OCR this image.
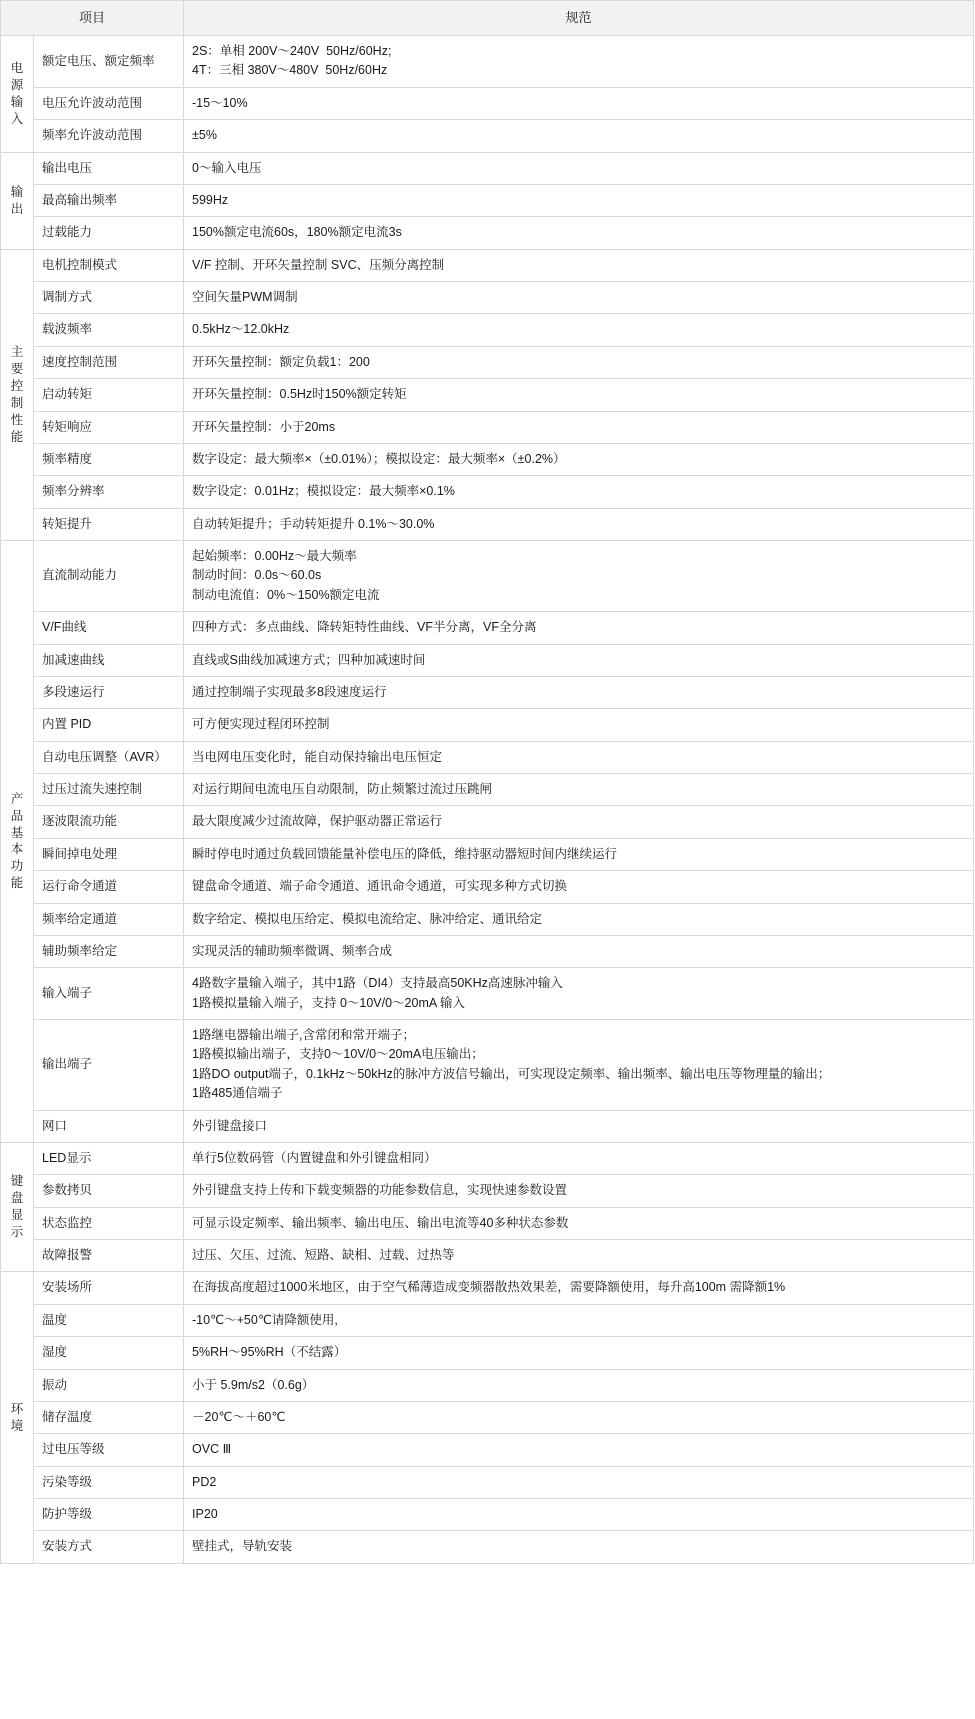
项目		规范

电源
输入	额定电压、额定频率	2S：单相 200V～240V  50Hz/60Hz;
4T：三相 380V～480V  50Hz/60Hz

	电压允许波动范围	-15～10%

	频率允许波动范围	±5%

输出	输出电压	0～输入电压

	最高输出频率	599Hz

	过载能力	150%额定电流60s，180%额定电流3s

主要
控制
性能	电机控制模式	V/F 控制、开环矢量控制 SVC、压频分离控制

	调制方式	空间矢量PWM调制

	载波频率	0.5kHz～12.0kHz

	速度控制范围	开环矢量控制：额定负载1：200

	启动转矩	开环矢量控制：0.5Hz时150%额定转矩

	转矩响应	开环矢量控制：小于20ms

	频率精度	数字设定：最大频率×（±0.01%）；模拟设定：最大频率×（±0.2%）

	频率分辨率	数字设定：0.01Hz；模拟设定：最大频率×0.1%

	转矩提升	自动转矩提升；手动转矩提升 0.1%～30.0%

产品
基本
功能	直流制动能力	起始频率：0.00Hz～最大频率
制动时间：0.0s～60.0s
制动电流值：0%～150%额定电流

	V/F曲线	四种方式：多点曲线、降转矩特性曲线、VF半分离，VF全分离

	加减速曲线	直线或S曲线加减速方式；四种加减速时间

	多段速运行	通过控制端子实现最多8段速度运行

	内置 PID	可方便实现过程闭环控制

	自动电压调整（AVR）	当电网电压变化时，能自动保持输出电压恒定

	过压过流失速控制	对运行期间电流电压自动限制，防止频繁过流过压跳闸

	逐波限流功能	最大限度减少过流故障，保护驱动器正常运行

	瞬间掉电处理	瞬时停电时通过负载回馈能量补偿电压的降低，维持驱动器短时间内继续运行

	运行命令通道	键盘命令通道、端子命令通道、通讯命令通道，可实现多种方式切换

	频率给定通道	数字给定、模拟电压给定、模拟电流给定、脉冲给定、通讯给定

	辅助频率给定	实现灵活的辅助频率微调、频率合成

	输入端子	4路数字量输入端子，其中1路（DI4）支持最高50KHz高速脉冲输入
1路模拟量输入端子，支持 0～10V/0～20mA 输入

	输出端子	1路继电器输出端子,含常闭和常开端子；
1路模拟输出端子，支持0～10V/0～20mA电压输出；
1路DO output端子，0.1kHz～50kHz的脉冲方波信号输出，可实现设定频率、输出频率、输出电压等物理量的输出；
1路485通信端子

	网口	外引键盘接口

键盘
显示	LED显示	单行5位数码管（内置键盘和外引键盘相同）

	参数拷贝	外引键盘支持上传和下载变频器的功能参数信息，实现快速参数设置

	状态监控	可显示设定频率、输出频率、输出电压、输出电流等40多种状态参数

	故障报警	过压、欠压、过流、短路、缺相、过载、过热等

环境	安装场所	在海拔高度超过1000米地区，由于空气稀薄造成变频器散热效果差，需要降额使用，每升高100m 需降额1%

	温度	-10℃～+50℃请降额使用,

	湿度	5%RH～95%RH（不结露）

	振动	小于 5.9m/s2（0.6g）

	储存温度	－20℃～＋60℃

	过电压等级	OVC Ⅲ

	污染等级	PD2

	防护等级	IP20

	安装方式	壁挂式，导轨安装
